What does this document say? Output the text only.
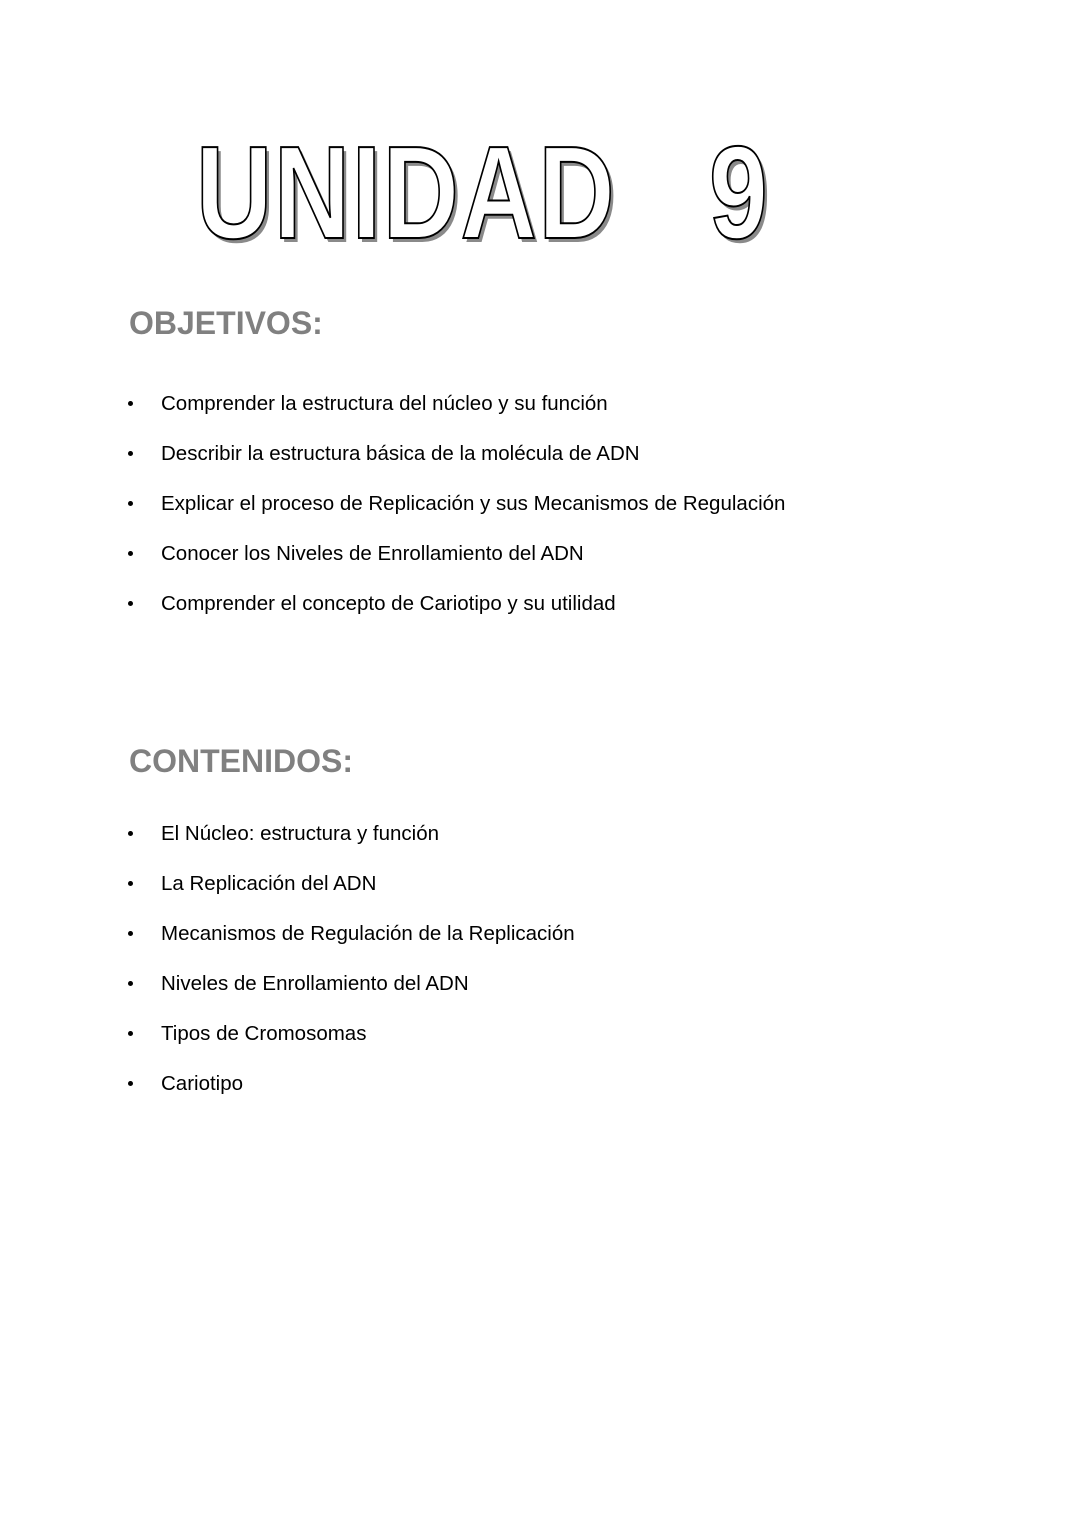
UNIDAD   9
OBJETIVOS:
Comprender la estructura del núcleo y su función
Describir la estructura básica de la molécula de ADN
Explicar el proceso de Replicación y sus Mecanismos de Regulación
Conocer los Niveles de Enrollamiento del ADN
Comprender el concepto de Cariotipo y su utilidad
CONTENIDOS:
El Núcleo: estructura y función
La Replicación del ADN
Mecanismos de Regulación de la Replicación
Niveles de Enrollamiento del ADN
Tipos de Cromosomas
Cariotipo
